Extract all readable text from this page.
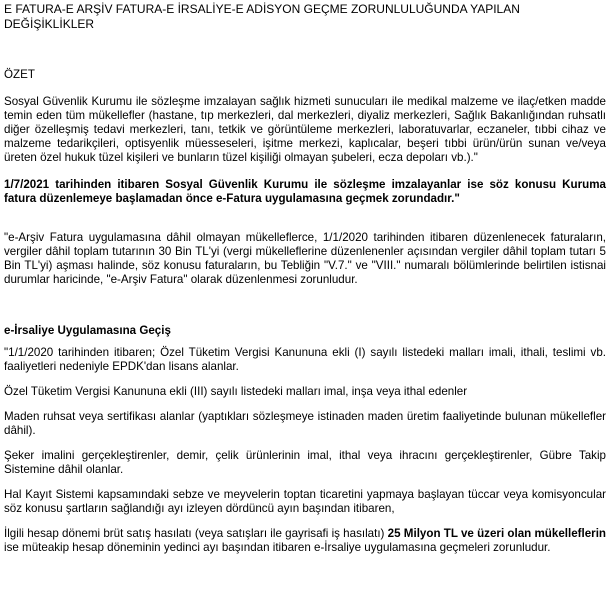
E FATURA-E ARŞİV FATURA-E İRSALİYE-E ADİSYON GEÇME ZORUNLULUĞUNDA YAPILAN DEĞİŞİKLİKLER
ÖZET

Sosyal Güvenlik Kurumu ile sözleşme imzalayan sağlık hizmeti sunucuları ile medikal malzeme ve ilaç/etken madde temin eden tüm mükellefler (hastane, tıp merkezleri, dal merkezleri, diyaliz merkezleri, Sağlık Bakanlığından ruhsatlı diğer özelleşmiş tedavi merkezleri, tanı, tetkik ve görüntüleme merkezleri, laboratuvarlar, eczaneler, tıbbi cihaz ve malzeme tedarikçileri, optisyenlik müesseseleri, işitme merkezi, kaplıcalar, beşeri tıbbi ürün/ürün sunan ve/veya üreten özel hukuk tüzel kişileri ve bunların tüzel kişiliği olmayan şubeleri, ecza depoları vb.)."

1/7/2021 tarihinden itibaren Sosyal Güvenlik Kurumu ile sözleşme imzalayanlar ise söz konusu Kuruma fatura düzenlemeye başlamadan önce e-Fatura uygulamasına geçmek zorundadır."

"e-Arşiv Fatura uygulamasına dâhil olmayan mükelleflerce, 1/1/2020 tarihinden itibaren düzenlenecek faturaların, vergiler dâhil toplam tutarının 30 Bin TL'yi (vergi mükelleflerine düzenlenenler açısından vergiler dâhil toplam tutarı 5 Bin TL'yi) aşması halinde, söz konusu faturaların, bu Tebliğin "V.7." ve "VIII." numaralı bölümlerinde belirtilen istisnai durumlar haricinde, "e-Arşiv Fatura" olarak düzenlenmesi zorunludur.

e-İrsaliye Uygulamasına Geçiş

"1/1/2020 tarihinden itibaren; Özel Tüketim Vergisi Kanununa ekli (I) sayılı listedeki malları imali, ithali, teslimi vb. faaliyetleri nedeniyle EPDK'dan lisans alanlar.

Özel Tüketim Vergisi Kanununa ekli (III) sayılı listedeki malları imal, inşa veya ithal edenler

Maden ruhsat veya sertifikası alanlar (yaptıkları sözleşmeye istinaden maden üretim faaliyetinde bulunan mükellefler dâhil).

Şeker imalini gerçekleştirenler, demir, çelik ürünlerinin imal, ithal veya ihracını gerçekleştirenler, Gübre Takip Sistemine dâhil olanlar.

Hal Kayıt Sistemi kapsamındaki sebze ve meyvelerin toptan ticaretini yapmaya başlayan tüccar veya komisyoncular söz konusu şartların sağlandığı ayı izleyen dördüncü ayın başından itibaren,

İlgili hesap dönemi brüt satış hasılatı (veya satışları ile gayrisafi iş hasılatı) 25 Milyon TL ve üzeri olan mükelleflerin ise müteakip hesap döneminin yedinci ayı başından itibaren e-İrsaliye uygulamasına geçmeleri zorunludur.
